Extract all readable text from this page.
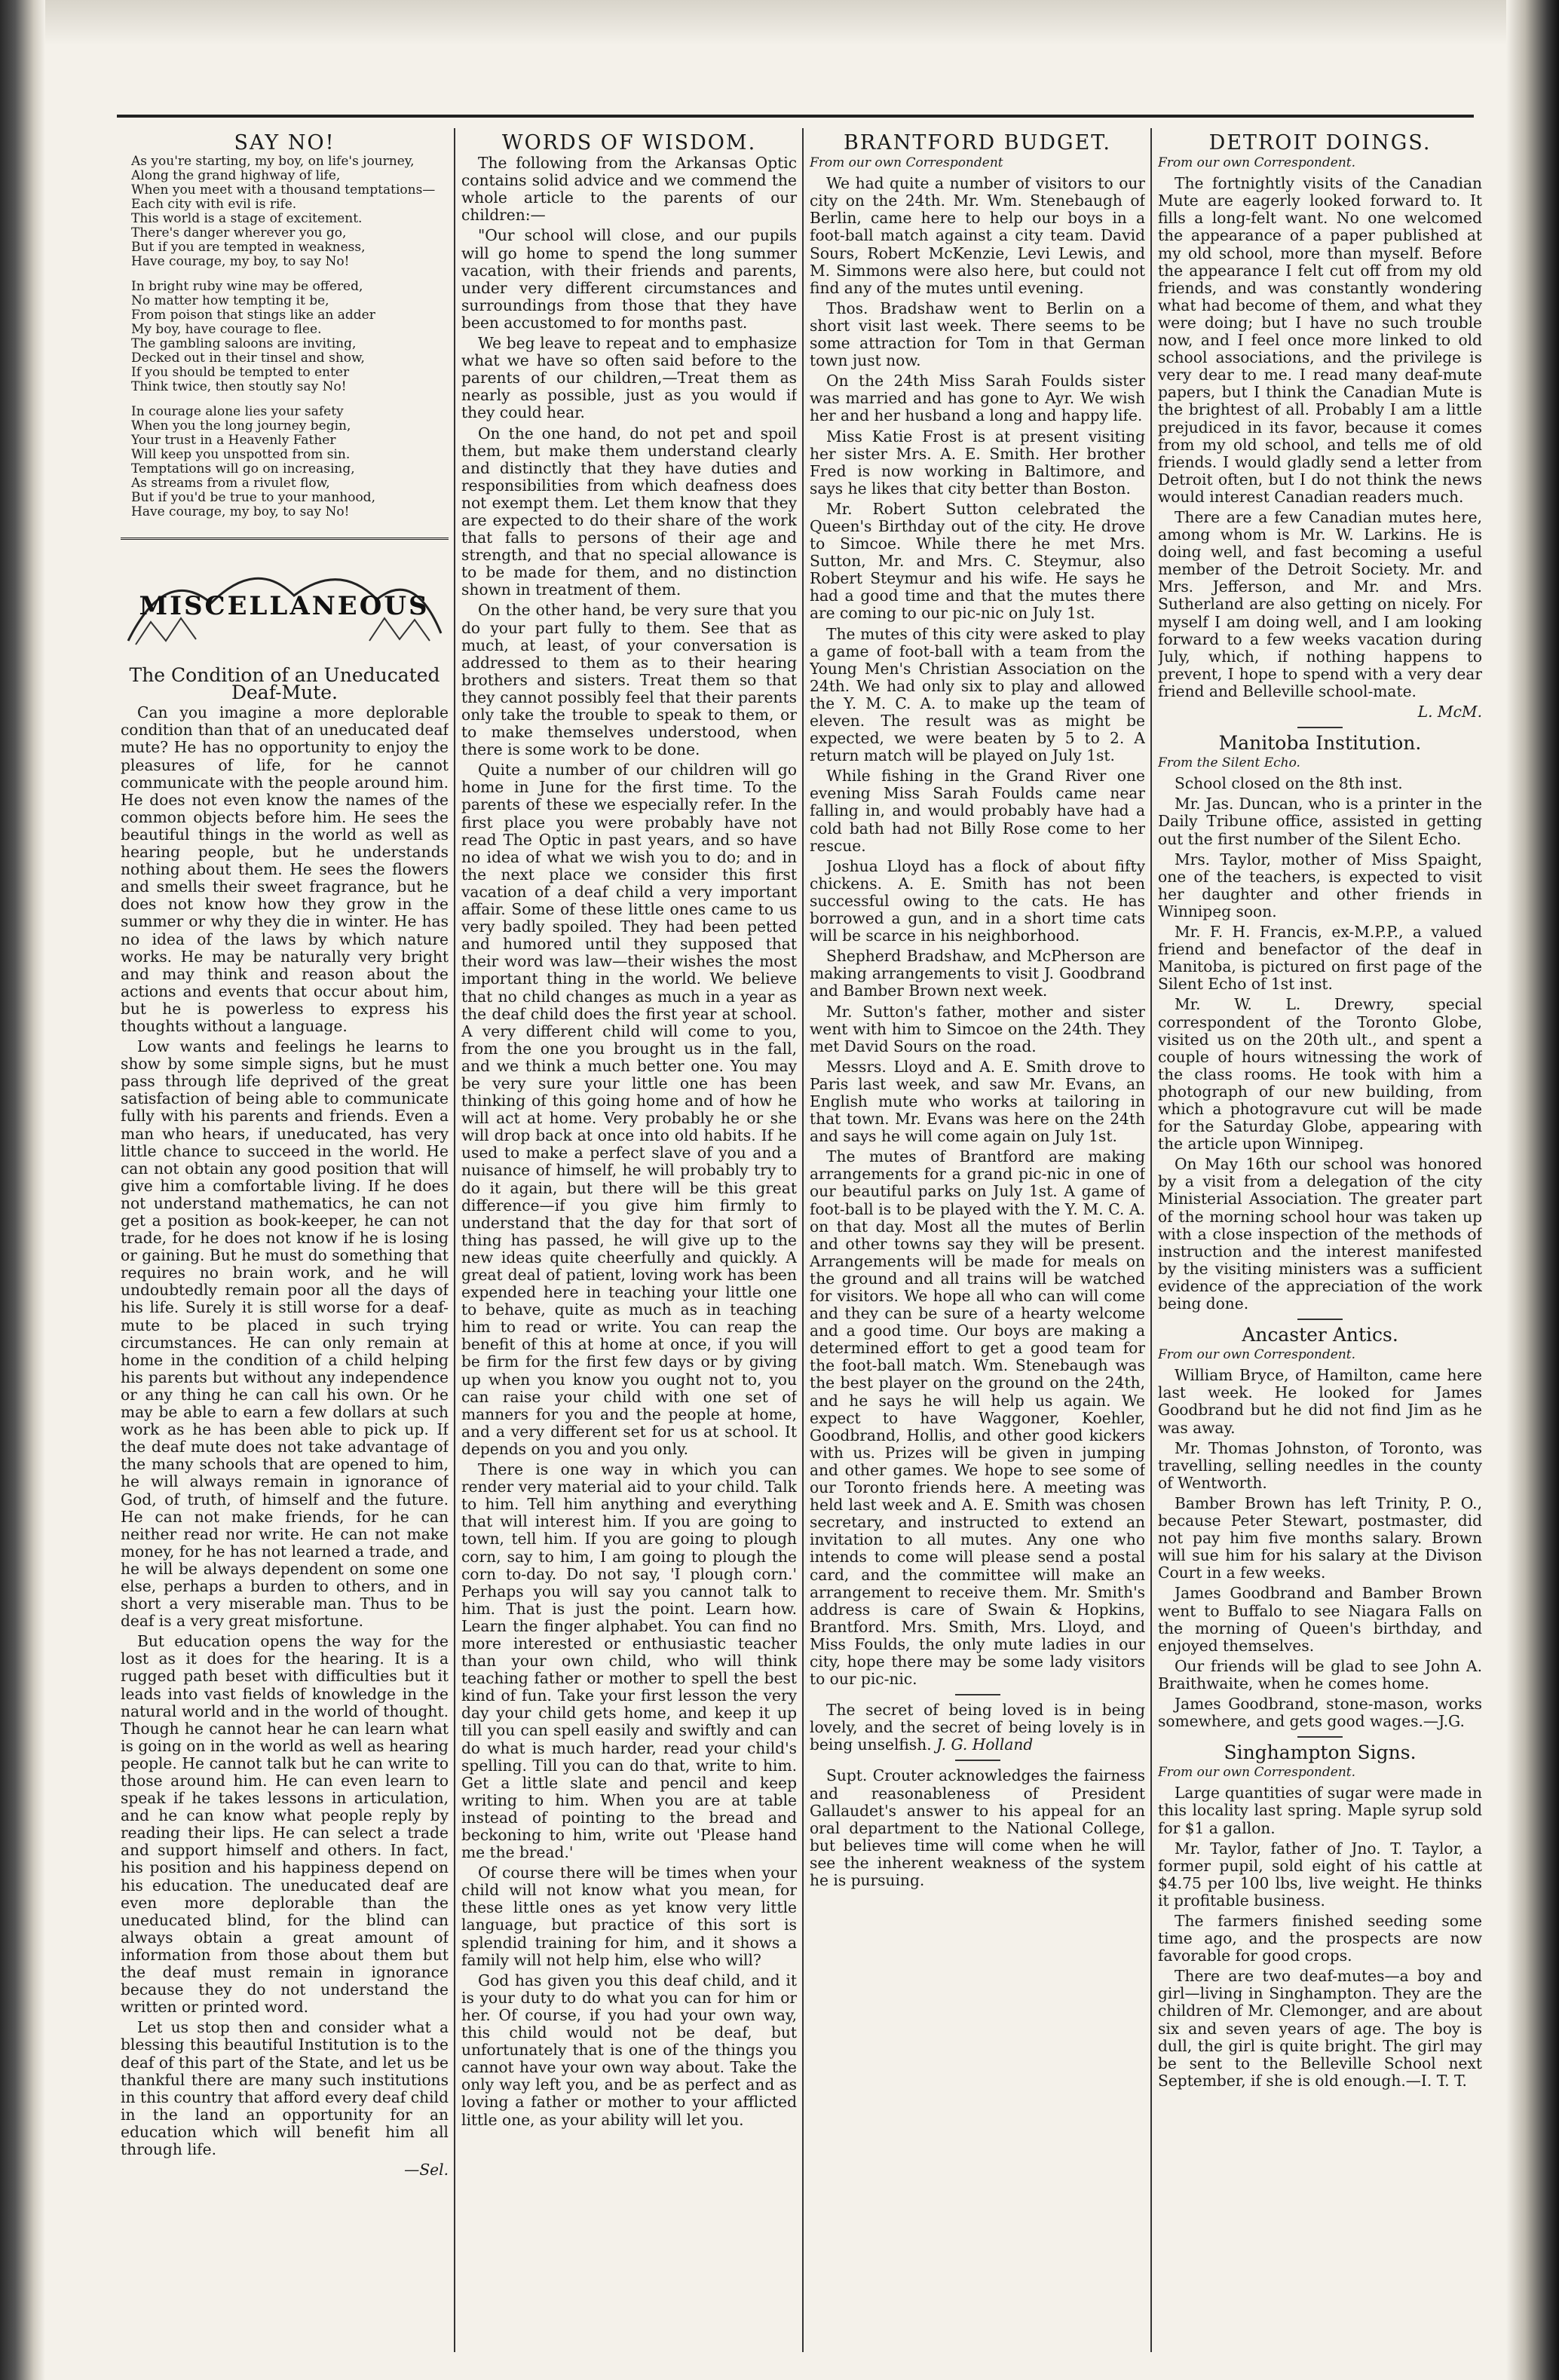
SAY NO!

As you're starting, my boy, on life's journey,

Along the grand highway of life,

When you meet with a thousand temptations—

Each city with evil is rife.

This world is a stage of excitement.

There's danger wherever you go,

But if you are tempted in weakness,

Have courage, my boy, to say No!

In bright ruby wine may be offered,

No matter how tempting it be,

From poison that stings like an adder

My boy, have courage to flee.

The gambling saloons are inviting,

Decked out in their tinsel and show,

If you should be tempted to enter

Think twice, then stoutly say No!

In courage alone lies your safety

When you the long journey begin,

Your trust in a Heavenly Father

Will keep you unspotted from sin.

Temptations will go on increasing,

As streams from a rivulet flow,

But if you'd be true to your manhood,

Have courage, my boy, to say No!

MISCELLANEOUS
The Condition of an Uneducated Deaf-Mute.

Can you imagine a more deplorable condition than that of an uneducated deaf mute? He has no opportunity to enjoy the pleasures of life, for he cannot communicate with the people around him. He does not even know the names of the common objects before him. He sees the beautiful things in the world as well as hearing people, but he understands nothing about them. He sees the flowers and smells their sweet fragrance, but he does not know how they grow in the summer or why they die in winter. He has no idea of the laws by which nature works. He may be naturally very bright and may think and reason about the actions and events that occur about him, but he is powerless to express his thoughts without a language.

Low wants and feelings he learns to show by some simple signs, but he must pass through life deprived of the great satisfaction of being able to communicate fully with his parents and friends. Even a man who hears, if uneducated, has very little chance to succeed in the world. He can not obtain any good position that will give him a comfortable living. If he does not understand mathematics, he can not get a position as book-keeper, he can not trade, for he does not know if he is losing or gaining. But he must do something that requires no brain work, and he will undoubtedly remain poor all the days of his life. Surely it is still worse for a deaf-mute to be placed in such trying circumstances. He can only remain at home in the condition of a child helping his parents but without any independence or any thing he can call his own. Or he may be able to earn a few dollars at such work as he has been able to pick up. If the deaf mute does not take advantage of the many schools that are opened to him, he will always remain in ignorance of God, of truth, of himself and the future. He can not make friends, for he can neither read nor write. He can not make money, for he has not learned a trade, and he will be always dependent on some one else, perhaps a burden to others, and in short a very miserable man. Thus to be deaf is a very great misfortune.

But education opens the way for the lost as it does for the hearing. It is a rugged path beset with difficulties but it leads into vast fields of knowledge in the natural world and in the world of thought. Though he cannot hear he can learn what is going on in the world as well as hearing people. He cannot talk but he can write to those around him. He can even learn to speak if he takes lessons in articulation, and he can know what people reply by reading their lips. He can select a trade and support himself and others. In fact, his position and his happiness depend on his education. The uneducated deaf are even more deplorable than the uneducated blind, for the blind can always obtain a great amount of information from those about them but the deaf must remain in ignorance because they do not understand the written or printed word.

Let us stop then and consider what a blessing this beautiful Institution is to the deaf of this part of the State, and let us be thankful there are many such institutions in this country that afford every deaf child in the land an opportunity for an education which will benefit him all through life.

—Sel.

WORDS OF WISDOM.

The following from the Arkansas Optic contains solid advice and we commend the whole article to the parents of our children:—

"Our school will close, and our pupils will go home to spend the long summer vacation, with their friends and parents, under very different circumstances and surroundings from those that they have been accustomed to for months past.

We beg leave to repeat and to emphasize what we have so often said before to the parents of our children,—Treat them as nearly as possible, just as you would if they could hear.

On the one hand, do not pet and spoil them, but make them understand clearly and distinctly that they have duties and responsibilities from which deafness does not exempt them. Let them know that they are expected to do their share of the work that falls to persons of their age and strength, and that no special allowance is to be made for them, and no distinction shown in treatment of them.

On the other hand, be very sure that you do your part fully to them. See that as much, at least, of your conversation is addressed to them as to their hearing brothers and sisters. Treat them so that they cannot possibly feel that their parents only take the trouble to speak to them, or to make themselves understood, when there is some work to be done.

Quite a number of our children will go home in June for the first time. To the parents of these we especially refer. In the first place you were probably have not read The Optic in past years, and so have no idea of what we wish you to do; and in the next place we consider this first vacation of a deaf child a very important affair. Some of these little ones came to us very badly spoiled. They had been petted and humored until they supposed that their word was law—their wishes the most important thing in the world. We believe that no child changes as much in a year as the deaf child does the first year at school. A very different child will come to you, from the one you brought us in the fall, and we think a much better one. You may be very sure your little one has been thinking of this going home and of how he will act at home. Very probably he or she will drop back at once into old habits. If he used to make a perfect slave of you and a nuisance of himself, he will probably try to do it again, but there will be this great difference—if you give him firmly to understand that the day for that sort of thing has passed, he will give up to the new ideas quite cheerfully and quickly. A great deal of patient, loving work has been expended here in teaching your little one to behave, quite as much as in teaching him to read or write. You can reap the benefit of this at home at once, if you will be firm for the first few days or by giving up when you know you ought not to, you can raise your child with one set of manners for you and the people at home, and a very different set for us at school. It depends on you and you only.

There is one way in which you can render very material aid to your child. Talk to him. Tell him anything and everything that will interest him. If you are going to town, tell him. If you are going to plough corn, say to him, I am going to plough the corn to-day. Do not say, 'I plough corn.' Perhaps you will say you cannot talk to him. That is just the point. Learn how. Learn the finger alphabet. You can find no more interested or enthusiastic teacher than your own child, who will think teaching father or mother to spell the best kind of fun. Take your first lesson the very day your child gets home, and keep it up till you can spell easily and swiftly and can do what is much harder, read your child's spelling. Till you can do that, write to him. Get a little slate and pencil and keep writing to him. When you are at table instead of pointing to the bread and beckoning to him, write out 'Please hand me the bread.'

Of course there will be times when your child will not know what you mean, for these little ones as yet know very little language, but practice of this sort is splendid training for him, and it shows a family will not help him, else who will?

God has given you this deaf child, and it is your duty to do what you can for him or her. Of course, if you had your own way, this child would not be deaf, but unfortunately that is one of the things you cannot have your own way about. Take the only way left you, and be as perfect and as loving a father or mother to your afflicted little one, as your ability will let you.

BRANTFORD BUDGET.

From our own Correspondent

We had quite a number of visitors to our city on the 24th. Mr. Wm. Stenebaugh of Berlin, came here to help our boys in a foot-ball match against a city team. David Sours, Robert McKenzie, Levi Lewis, and M. Simmons were also here, but could not find any of the mutes until evening.

Thos. Bradshaw went to Berlin on a short visit last week. There seems to be some attraction for Tom in that German town just now.

On the 24th Miss Sarah Foulds sister was married and has gone to Ayr. We wish her and her husband a long and happy life.

Miss Katie Frost is at present visiting her sister Mrs. A. E. Smith. Her brother Fred is now working in Baltimore, and says he likes that city better than Boston.

Mr. Robert Sutton celebrated the Queen's Birthday out of the city. He drove to Simcoe. While there he met Mrs. Sutton, Mr. and Mrs. C. Steymur, also Robert Steymur and his wife. He says he had a good time and that the mutes there are coming to our pic-nic on July 1st.

The mutes of this city were asked to play a game of foot-ball with a team from the Young Men's Christian Association on the 24th. We had only six to play and allowed the Y. M. C. A. to make up the team of eleven. The result was as might be expected, we were beaten by 5 to 2. A return match will be played on July 1st.

While fishing in the Grand River one evening Miss Sarah Foulds came near falling in, and would probably have had a cold bath had not Billy Rose come to her rescue.

Joshua Lloyd has a flock of about fifty chickens. A. E. Smith has not been successful owing to the cats. He has borrowed a gun, and in a short time cats will be scarce in his neighborhood.

Shepherd Bradshaw, and McPherson are making arrangements to visit J. Goodbrand and Bamber Brown next week.

Mr. Sutton's father, mother and sister went with him to Simcoe on the 24th. They met David Sours on the road.

Messrs. Lloyd and A. E. Smith drove to Paris last week, and saw Mr. Evans, an English mute who works at tailoring in that town. Mr. Evans was here on the 24th and says he will come again on July 1st.

The mutes of Brantford are making arrangements for a grand pic-nic in one of our beautiful parks on July 1st. A game of foot-ball is to be played with the Y. M. C. A. on that day. Most all the mutes of Berlin and other towns say they will be present. Arrangements will be made for meals on the ground and all trains will be watched for visitors. We hope all who can will come and they can be sure of a hearty welcome and a good time. Our boys are making a determined effort to get a good team for the foot-ball match. Wm. Stenebaugh was the best player on the ground on the 24th, and he says he will help us again. We expect to have Waggoner, Koehler, Goodbrand, Hollis, and other good kickers with us. Prizes will be given in jumping and other games. We hope to see some of our Toronto friends here. A meeting was held last week and A. E. Smith was chosen secretary, and instructed to extend an invitation to all mutes. Any one who intends to come will please send a postal card, and the committee will make an arrangement to receive them. Mr. Smith's address is care of Swain & Hopkins, Brantford. Mrs. Smith, Mrs. Lloyd, and Miss Foulds, the only mute ladies in our city, hope there may be some lady visitors to our pic-nic.

The secret of being loved is in being lovely, and the secret of being lovely is in being unselfish. J. G. Holland

Supt. Crouter acknowledges the fairness and reasonableness of President Gallaudet's answer to his appeal for an oral department to the National College, but believes time will come when he will see the inherent weakness of the system he is pursuing.

DETROIT DOINGS.

From our own Correspondent.

The fortnightly visits of the Canadian Mute are eagerly looked forward to. It fills a long-felt want. No one welcomed the appearance of a paper published at my old school, more than myself. Before the appearance I felt cut off from my old friends, and was constantly wondering what had become of them, and what they were doing; but I have no such trouble now, and I feel once more linked to old school associations, and the privilege is very dear to me. I read many deaf-mute papers, but I think the Canadian Mute is the brightest of all. Probably I am a little prejudiced in its favor, because it comes from my old school, and tells me of old friends. I would gladly send a letter from Detroit often, but I do not think the news would interest Canadian readers much.

There are a few Canadian mutes here, among whom is Mr. W. Larkins. He is doing well, and fast becoming a useful member of the Detroit Society. Mr. and Mrs. Jefferson, and Mr. and Mrs. Sutherland are also getting on nicely. For myself I am doing well, and I am looking forward to a few weeks vacation during July, which, if nothing happens to prevent, I hope to spend with a very dear friend and Belleville school-mate.

L. McM.

Manitoba Institution.

From the Silent Echo.

School closed on the 8th inst.

Mr. Jas. Duncan, who is a printer in the Daily Tribune office, assisted in getting out the first number of the Silent Echo.

Mrs. Taylor, mother of Miss Spaight, one of the teachers, is expected to visit her daughter and other friends in Winnipeg soon.

Mr. F. H. Francis, ex-M.P.P., a valued friend and benefactor of the deaf in Manitoba, is pictured on first page of the Silent Echo of 1st inst.

Mr. W. L. Drewry, special correspondent of the Toronto Globe, visited us on the 20th ult., and spent a couple of hours witnessing the work of the class rooms. He took with him a photograph of our new building, from which a photogravure cut will be made for the Saturday Globe, appearing with the article upon Winnipeg.

On May 16th our school was honored by a visit from a delegation of the city Ministerial Association. The greater part of the morning school hour was taken up with a close inspection of the methods of instruction and the interest manifested by the visiting ministers was a sufficient evidence of the appreciation of the work being done.

Ancaster Antics.

From our own Correspondent.

William Bryce, of Hamilton, came here last week. He looked for James Goodbrand but he did not find Jim as he was away.

Mr. Thomas Johnston, of Toronto, was travelling, selling needles in the county of Wentworth.

Bamber Brown has left Trinity, P. O., because Peter Stewart, postmaster, did not pay him five months salary. Brown will sue him for his salary at the Divison Court in a few weeks.

James Goodbrand and Bamber Brown went to Buffalo to see Niagara Falls on the morning of Queen's birthday, and enjoyed themselves.

Our friends will be glad to see John A. Braithwaite, when he comes home.

James Goodbrand, stone-mason, works somewhere, and gets good wages.—J.G.

Singhampton Signs.

From our own Correspondent.

Large quantities of sugar were made in this locality last spring. Maple syrup sold for $1 a gallon.

Mr. Taylor, father of Jno. T. Taylor, a former pupil, sold eight of his cattle at $4.75 per 100 lbs, live weight. He thinks it profitable business.

The farmers finished seeding some time ago, and the prospects are now favorable for good crops.

There are two deaf-mutes—a boy and girl—living in Singhampton. They are the children of Mr. Clemonger, and are about six and seven years of age. The boy is dull, the girl is quite bright. The girl may be sent to the Belleville School next September, if she is old enough.—I. T. T.
